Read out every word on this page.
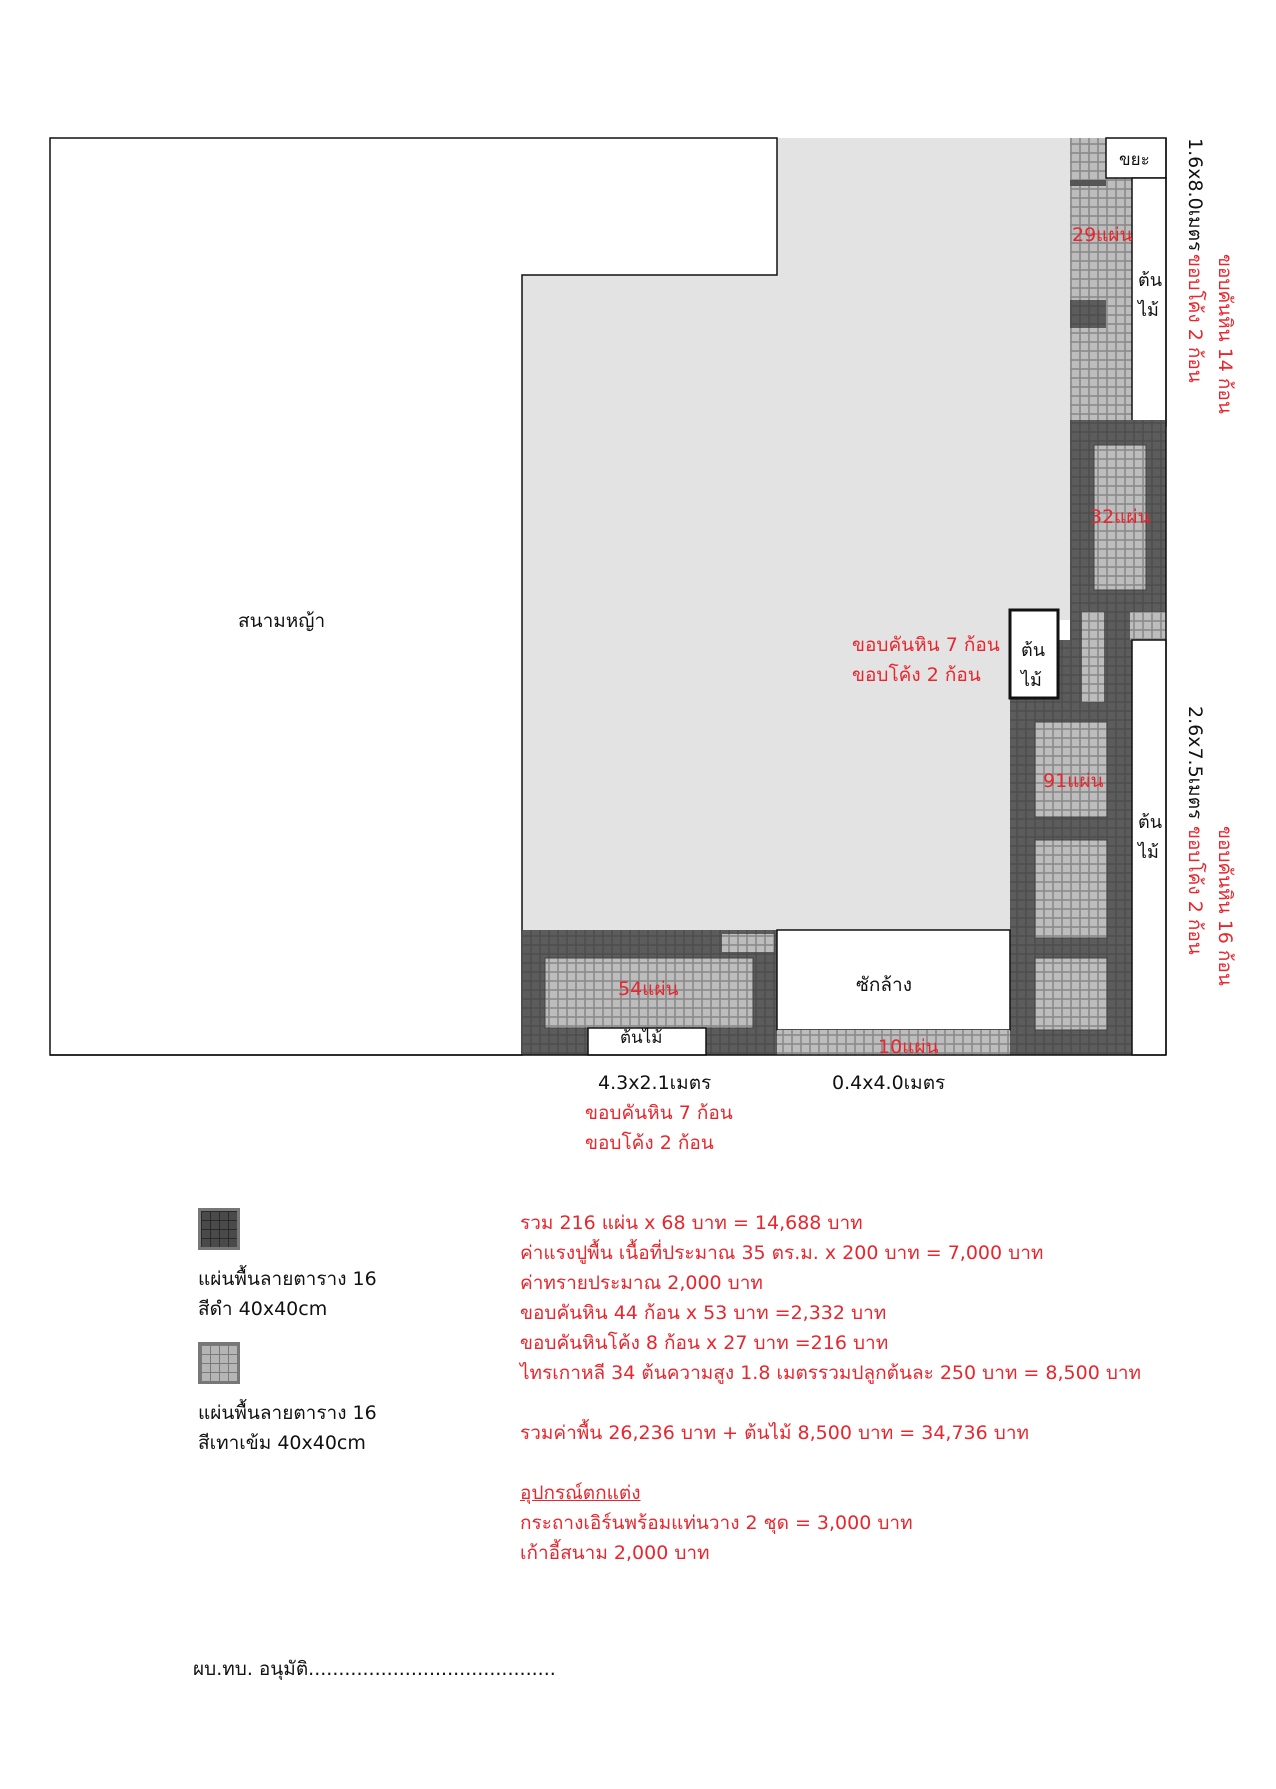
สนามหญ้า

ขยะ

ต้น
ไม้

ต้น
ไม้

ต้น
ไม้

ซักล้าง

ต้นไม้

29แผ่น

32แผ่น

91แผ่น

54แผ่น

10แผ่น

ขอบคันหิน 7 ก้อน

ขอบโค้ง 2 ก้อน

4.3x2.1เมตร	0.4x4.0เมตร

ขอบคันหิน 7 ก้อน

ขอบโค้ง 2 ก้อน

1.6x8.0เมตร

ขอบโค้ง 2 ก้อน ขอบคันหิน 14 ก้อน

2.6x7.5เมตร

ขอบโค้ง 2 ก้อน ขอบคันหิน 16 ก้อน

แผ่นพื้นลายตาราง 16

สีดำ 40x40cm

แผ่นพื้นลายตาราง 16

สีเทาเข้ม 40x40cm

รวม 216 แผ่น x 68 บาท = 14,688 บาท

ค่าแรงปูพื้น เนื้อที่ประมาณ 35 ตร.ม. x 200 บาท = 7,000 บาท

ค่าทรายประมาณ 2,000 บาท

ขอบคันหิน 44 ก้อน x 53 บาท =2,332 บาท

ขอบคันหินโค้ง 8 ก้อน x 27 บาท =216 บาท

ไทรเกาหลี 34 ต้นความสูง 1.8 เมตรรวมปลูกต้นละ 250 บาท = 8,500 บาท

รวมค่าพื้น 26,236 บาท + ต้นไม้ 8,500 บาท = 34,736 บาท

อุปกรณ์ตกแต่ง

กระถางเอิร์นพร้อมแท่นวาง 2 ชุด = 3,000 บาท

เก้าอี้สนาม 2,000 บาท

ผบ.ทบ. อนุมัติ.........................................
